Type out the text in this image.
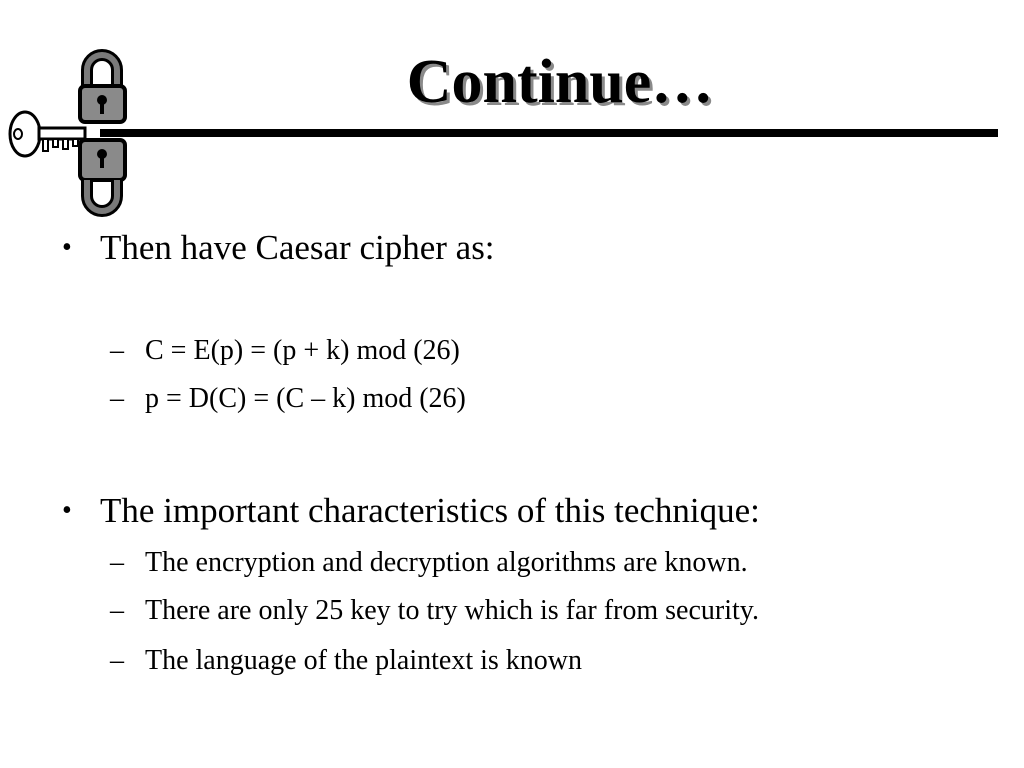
Continue…
• Then have Caesar cipher as:
– C = E(p) = (p + k) mod (26)
– p = D(C) = (C – k) mod (26)
• The important characteristics of this technique:
– The encryption and decryption algorithms are known.
– There are only 25 key to try which is far from security.
– The language of the plaintext is known
